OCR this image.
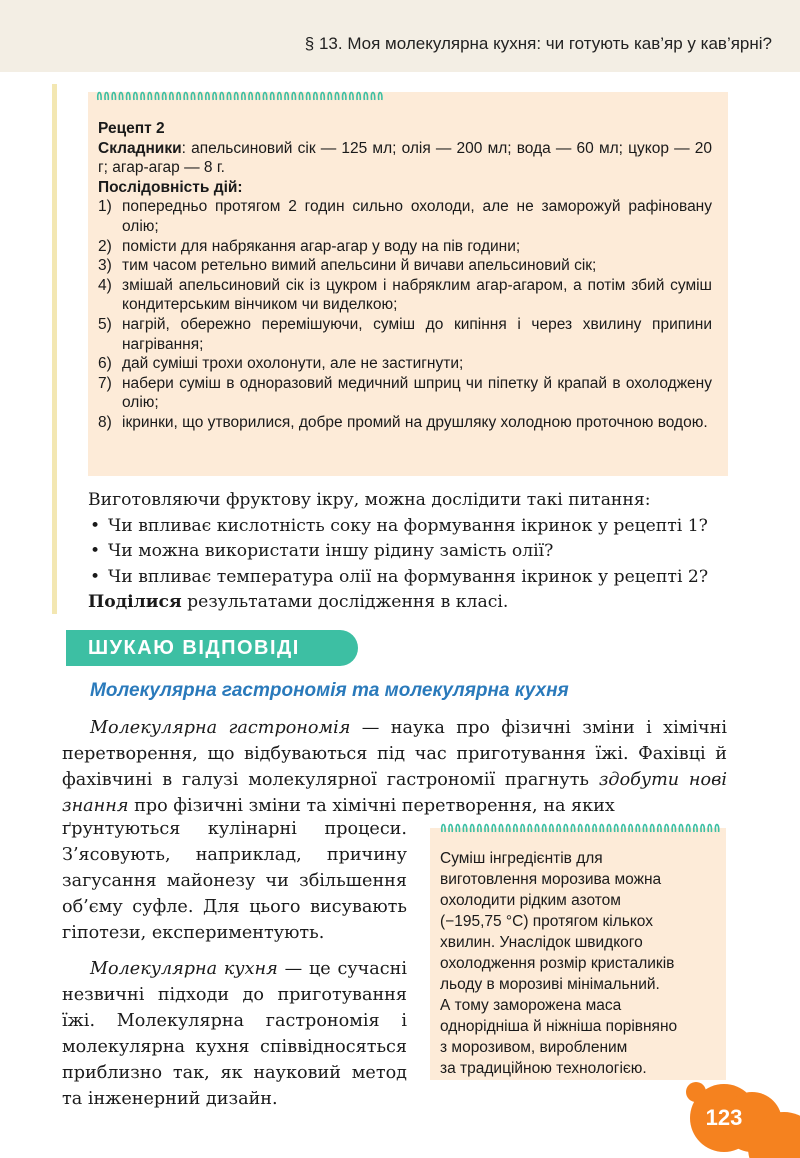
§ 13. Моя молекулярна кухня: чи готують кав’яр у кав’ярні?

Рецепт 2

Складники: апельсиновий сік — 125 мл; олія — 200 мл; вода — 60 мл; цукор — 20 г; агар-агар — 8 г.

Послідовність дій:

1) попередньо протягом 2 годин сильно охолоди, але не заморожуй рафіновану олію;
2) помісти для набрякання агар-агар у воду на пів години;
3) тим часом ретельно вимий апельсини й вичави апельсиновий сік;
4) змішай апельсиновий сік із цукром і набряклим агар-агаром, а потім збий суміш кондитерським вінчиком чи виделкою;
5) нагрій, обережно перемішуючи, суміш до кипіння і через хвилину припини нагрівання;
6) дай суміші трохи охолонути, але не застигнути;
7) набери суміш в одноразовий медичний шприц чи піпетку й крапай в охолоджену олію;
8) ікринки, що утворилися, добре промий на друшляку холодною проточною водою.

Виготовляючи фруктову ікру, можна дослідити такі питання:

• Чи впливає кислотність соку на формування ікринок у рецепті 1?
• Чи можна використати іншу рідину замість олії?
• Чи впливає температура олії на формування ікринок у рецепті 2?

Поділися результатами дослідження в класі.

ШУКАЮ ВІДПОВІДІ
Молекулярна гастрономія та молекулярна кухня

Молекулярна гастрономія — наука про фізичні зміни і хімічні перетворення, що відбуваються під час приготування їжі. Фахівці й фахівчині в галузі молекулярної гастрономії прагнуть здобути нові знання про фізичні зміни та хімічні перетворення, на яких

ґрунтуються кулінарні процеси. З’ясовують, наприклад, причину загусання майонезу чи збільшення об’єму суфле. Для цього висувають гіпотези, експериментують.

Молекулярна кухня — це сучасні незвичні підходи до приготування їжі. Молекулярна гастрономія і молекулярна кухня співвідносяться приблизно так, як науковий метод та інженерний дизайн.

Суміш інгредієнтів для

виготовлення морозива можна

охолодити рідким азотом

(−195,75 °С) протягом кількох

хвилин. Унаслідок швидкого

охолодження розмір кристаликів

льоду в морозиві мінімальний.

А тому заморожена маса

однорідніша й ніжніша порівняно

з морозивом, виробленим

за традиційною технологією.

123
